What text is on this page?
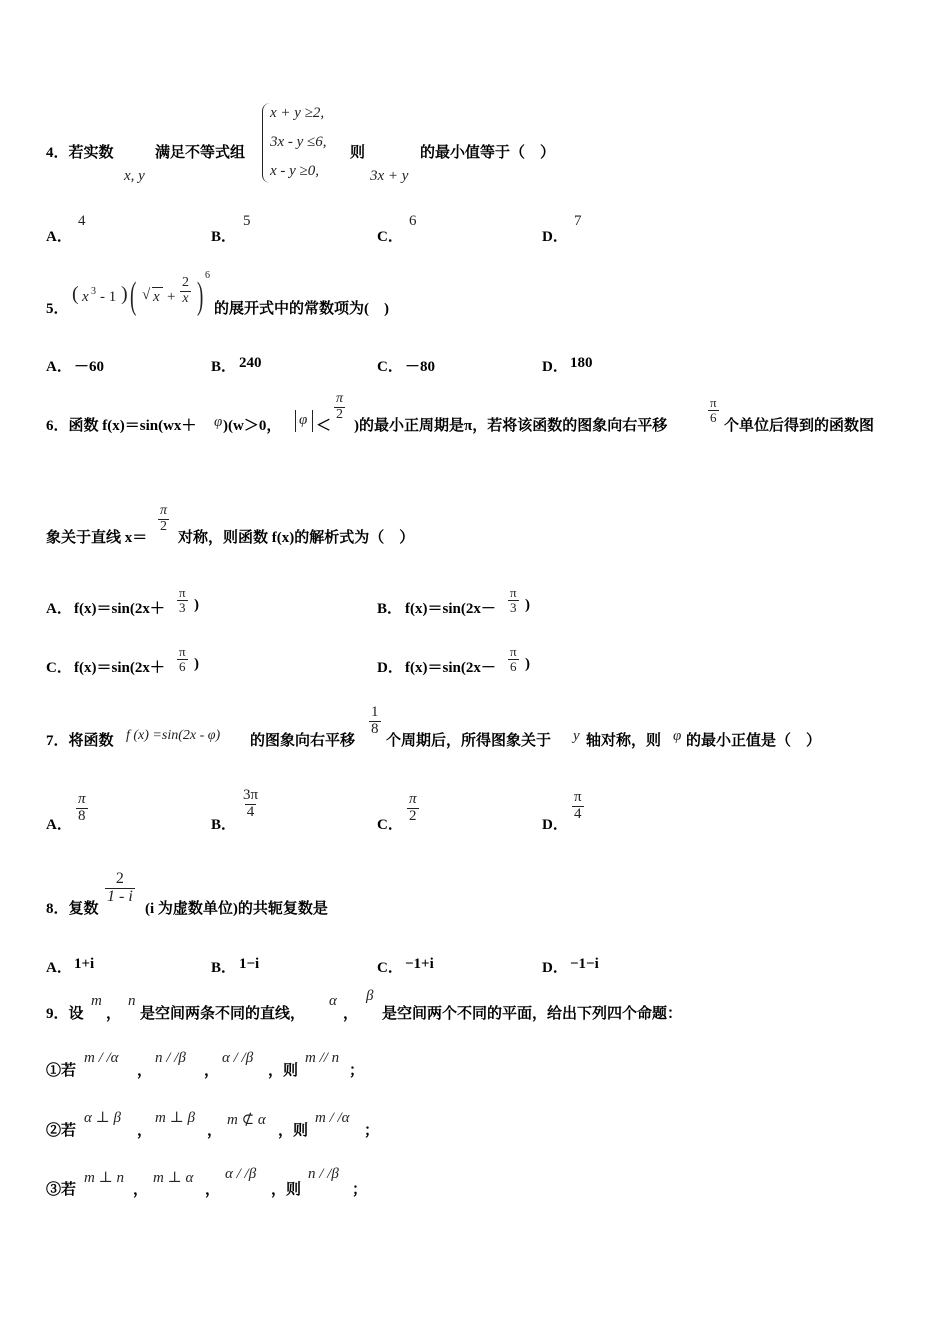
4．若实数
x, y
满足不等式组
x + y ≥2,
3x - y ≤6,
x - y ≥0,
则
3x + y
的最小值等于（　）
A．
4
B．
5
C．
6
D．
7
5．
( x 3 - 1 ) ( √ $x + \frac{2}{x}$ ) 6
的展开式中的常数项为(　)
A． －60	B． 240	C． －80	D． 180
6．函数 f(x)＝sin(wx＋ φ )(w＞0， φ ＜
$\frac{\pi}{2}$
)的最小正周期是π，若将该函数的图象向右平移
$\frac{\pi}{6}$
个单位后得到的函数图
象关于直线 x＝
$\frac{\pi}{2}$
对称，则函数 f(x)的解析式为（　）
A． $f(x)=\sin(2x+ \frac{\pi}{3}$ )	B． $f(x)=\sin(2x- \frac{\pi}{3}$ )
C． $f(x)=\sin(2x+ \frac{\pi}{6}$ )	D． $f(x)=\sin(2x- \frac{\pi}{6}$ )
7．将函数 f (x) =sin(2x - φ) 的图象向右平移
$\frac{1}{8}$
个周期后，所得图象关于 y 轴对称，则 φ 的最小正值是（　）
A．
$\frac{\pi}{8}$
B．
$\frac{3\pi}{4}$
C．
$\frac{\pi}{2}$
D．
$\frac{\pi}{4}$
8．复数
$\frac{2}{1 - i}$
(i 为虚数单位)的共轭复数是
A． 1+i	B． 1−i	C． −1+i	D． −1−i
9．设
m
，
n
是空间两条不同的直线，
α
，
β
是空间两个不同的平面，给出下列四个命题：
①若
m / /α
，
n / /β
，
α / /β
，则
m // n
；
②若
α ⊥ β
，
m ⊥ β
，
m ⊄ α
，则
m / /α
；
③若
m ⊥ n
，
m ⊥ α
，
α / /β
，则
n / /β
；
